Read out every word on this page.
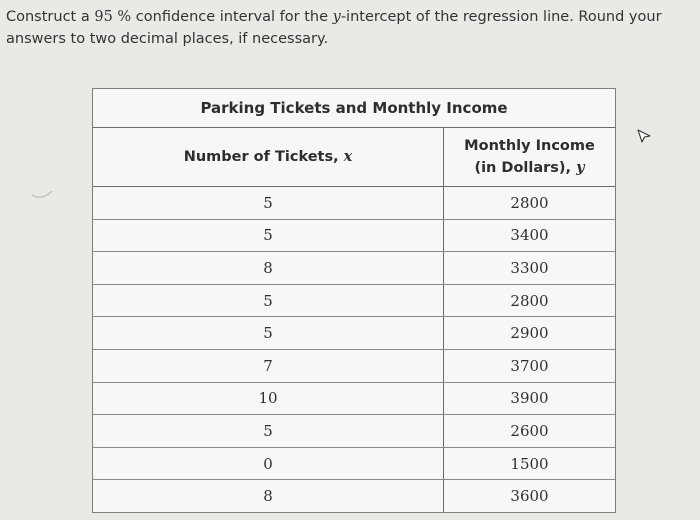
Construct a 95 % confidence interval for the y-intercept of the regression line. Round your answers to two decimal places, if necessary.
Parking Tickets and Monthly Income
Number of Tickets, x	Monthly Income (in Dollars), y
5	2800
5	3400
8	3300
5	2800
5	2900
7	3700
10	3900
5	2600
0	1500
8	3600
